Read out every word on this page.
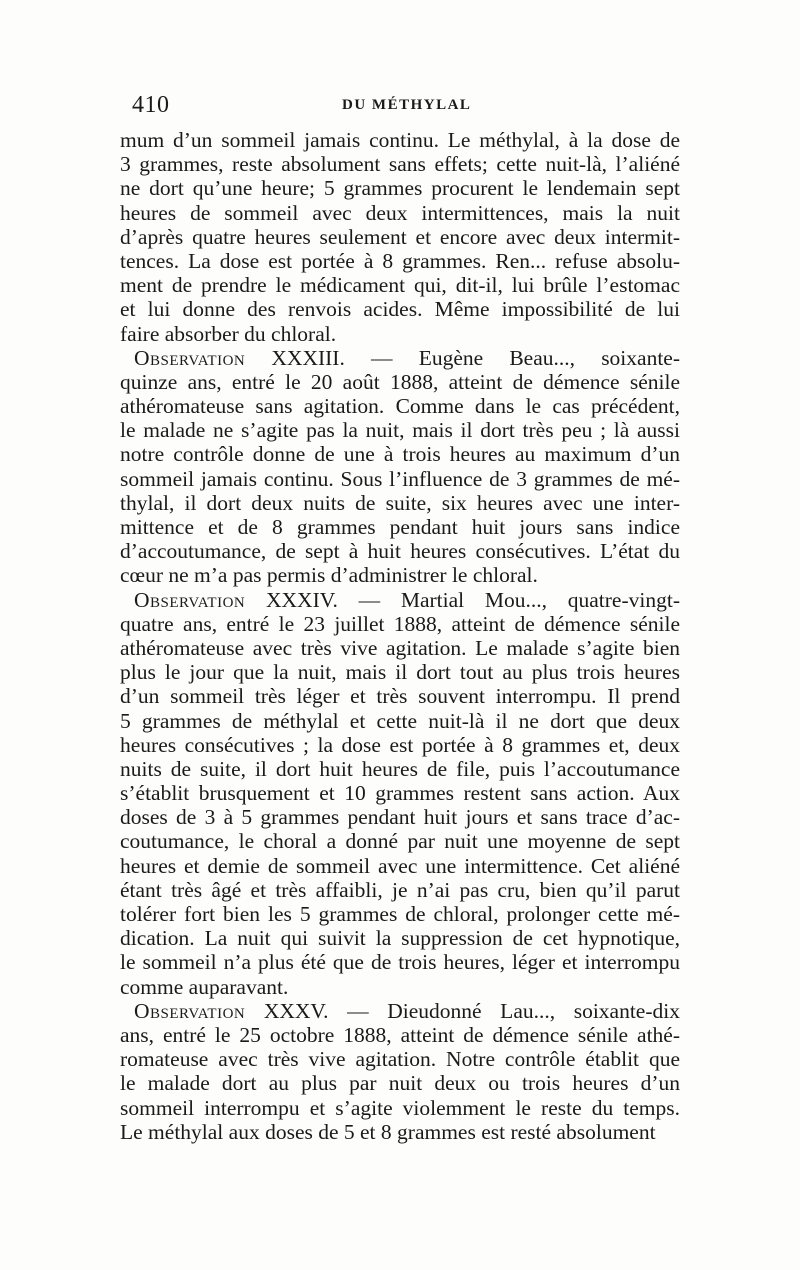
410	DU MÉTHYLAL
mum d’un sommeil jamais continu. Le méthylal, à la dose de
3 grammes, reste absolument sans effets; cette nuit-là, l’aliéné
ne dort qu’une heure; 5 grammes procurent le lendemain sept
heures de sommeil avec deux intermittences, mais la nuit
d’après quatre heures seulement et encore avec deux intermit-
tences. La dose est portée à 8 grammes. Ren... refuse absolu-
ment de prendre le médicament qui, dit-il, lui brûle l’estomac
et lui donne des renvois acides. Même impossibilité de lui
faire absorber du chloral.
Observation XXXIII. — Eugène Beau..., soixante-
quinze ans, entré le 20 août 1888, atteint de démence sénile
athéromateuse sans agitation. Comme dans le cas précédent,
le malade ne s’agite pas la nuit, mais il dort très peu ; là aussi
notre contrôle donne de une à trois heures au maximum d’un
sommeil jamais continu. Sous l’influence de 3 grammes de mé-
thylal, il dort deux nuits de suite, six heures avec une inter-
mittence et de 8 grammes pendant huit jours sans indice
d’accoutumance, de sept à huit heures consécutives. L’état du
cœur ne m’a pas permis d’administrer le chloral.
Observation XXXIV. — Martial Mou..., quatre-vingt-
quatre ans, entré le 23 juillet 1888, atteint de démence sénile
athéromateuse avec très vive agitation. Le malade s’agite bien
plus le jour que la nuit, mais il dort tout au plus trois heures
d’un sommeil très léger et très souvent interrompu. Il prend
5 grammes de méthylal et cette nuit-là il ne dort que deux
heures consécutives ; la dose est portée à 8 grammes et, deux
nuits de suite, il dort huit heures de file, puis l’accoutumance
s’établit brusquement et 10 grammes restent sans action. Aux
doses de 3 à 5 grammes pendant huit jours et sans trace d’ac-
coutumance, le choral a donné par nuit une moyenne de sept
heures et demie de sommeil avec une intermittence. Cet aliéné
étant très âgé et très affaibli, je n’ai pas cru, bien qu’il parut
tolérer fort bien les 5 grammes de chloral, prolonger cette mé-
dication. La nuit qui suivit la suppression de cet hypnotique,
le sommeil n’a plus été que de trois heures, léger et interrompu
comme auparavant.
Observation XXXV. — Dieudonné Lau..., soixante-dix
ans, entré le 25 octobre 1888, atteint de démence sénile athé-
romateuse avec très vive agitation. Notre contrôle établit que
le malade dort au plus par nuit deux ou trois heures d’un
sommeil interrompu et s’agite violemment le reste du temps.
Le méthylal aux doses de 5 et 8 grammes est resté absolument
